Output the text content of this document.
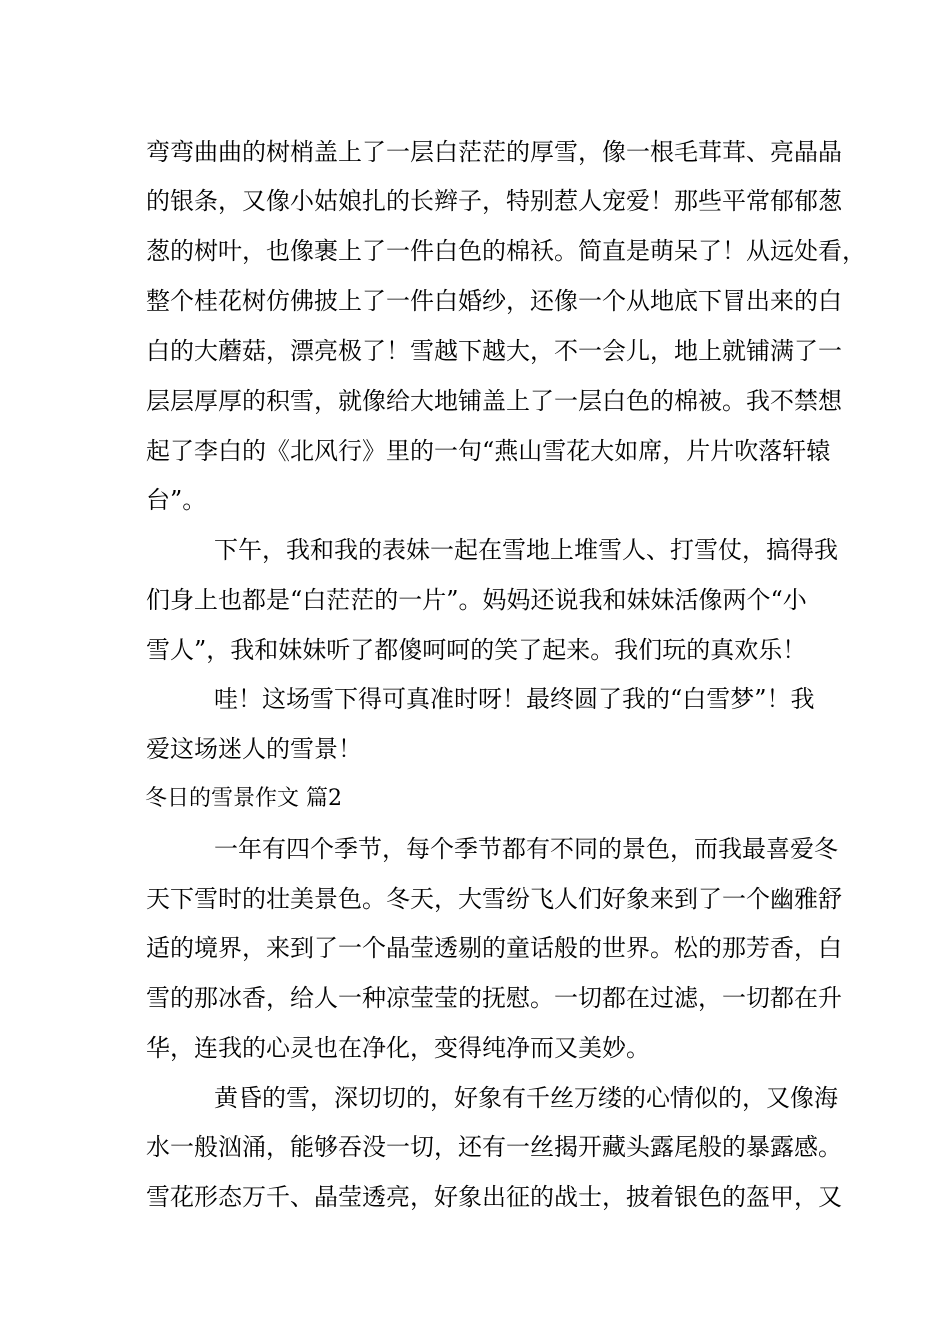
弯弯曲曲的树梢盖上了一层白茫茫的厚雪，像一根毛茸茸、亮晶晶
的银条，又像小姑娘扎的长辫子，特别惹人宠爱！那些平常郁郁葱
葱的树叶，也像裹上了一件白色的棉袄。简直是萌呆了！从远处看，
整个桂花树仿佛披上了一件白婚纱，还像一个从地底下冒出来的白
白的大蘑菇，漂亮极了！雪越下越大，不一会儿，地上就铺满了一
层层厚厚的积雪，就像给大地铺盖上了一层白色的棉被。我不禁想
起了李白的《北风行》里的一句“燕山雪花大如席，片片吹落轩辕
台”。
下午，我和我的表妹一起在雪地上堆雪人、打雪仗，搞得我
们身上也都是“白茫茫的一片”。妈妈还说我和妹妹活像两个“小
雪人”，我和妹妹听了都傻呵呵的笑了起来。我们玩的真欢乐！
哇！这场雪下得可真准时呀！最终圆了我的“白雪梦”！我
爱这场迷人的雪景！
冬日的雪景作文 篇2
一年有四个季节，每个季节都有不同的景色，而我最喜爱冬
天下雪时的壮美景色。冬天，大雪纷飞人们好象来到了一个幽雅舒
适的境界，来到了一个晶莹透剔的童话般的世界。松的那芳香，白
雪的那冰香，给人一种凉莹莹的抚慰。一切都在过滤，一切都在升
华，连我的心灵也在净化，变得纯净而又美妙。
黄昏的雪，深切切的，好象有千丝万缕的心情似的，又像海
水一般汹涌，能够吞没一切，还有一丝揭开藏头露尾般的暴露感。
雪花形态万千、晶莹透亮，好象出征的战士，披着银色的盔甲，又
